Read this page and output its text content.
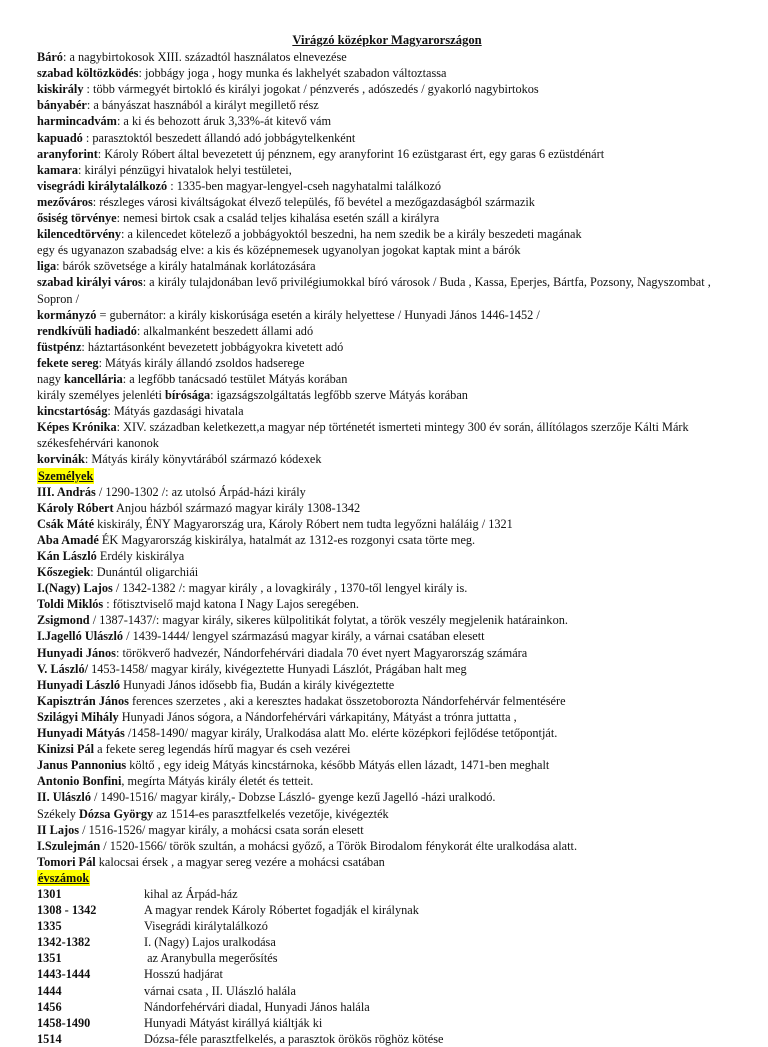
Virágzó középkor Magyarországon
Báró: a nagybirtokosok XIII. századtól használatos elnevezése
szabad költözködés: jobbágy joga , hogy munka és lakhelyét szabadon változtassa
kiskirály : több vármegyét birtokló és királyi jogokat / pénzverés , adószedés / gyakorló nagybirtokos
bányabér: a bányászat hasznából a királyt megillető rész
harmincadvám: a ki és behozott áruk 3,33%-át kitevő vám
kapuadó : parasztoktól beszedett állandó adó jobbágytelkenként
aranyforint: Károly Róbert által bevezetett új pénznem, egy aranyforint 16 ezüstgarast ért, egy garas 6 ezüstdénárt
kamara: királyi pénzügyi hivatalok helyi testületei,
visegrádi királytalálkozó : 1335-ben magyar-lengyel-cseh nagyhatalmi találkozó
mezőváros: részleges városi kiváltságokat élvező település, fő bevétel a mezőgazdaságból származik
ősiség törvénye: nemesi birtok csak a család teljes kihalása esetén száll a királyra
kilencedtörvény: a kilencedet kötelező a jobbágyoktól beszedni, ha nem szedik be a király beszedeti magának
egy és ugyanazon szabadság elve: a kis és középnemesek ugyanolyan jogokat kaptak mint a bárók
liga: bárók szövetsége a király hatalmának korlátozására
szabad királyi város: a király tulajdonában levő privilégiumokkal bíró városok / Buda , Kassa, Eperjes, Bártfa, Pozsony, Nagyszombat , Sopron /
kormányzó = gubernátor: a király kiskorúsága esetén a király helyettese / Hunyadi János 1446-1452 /
rendkívüli hadiadó: alkalmanként beszedett állami adó
füstpénz: háztartásonként bevezetett jobbágyokra kivetett adó
fekete sereg: Mátyás király állandó zsoldos hadserege
nagy kancellária: a legfőbb tanácsadó testület Mátyás korában
király személyes jelenléti bírósága: igazságszolgáltatás legfőbb szerve Mátyás korában
kincstartóság: Mátyás gazdasági hivatala
Képes Krónika: XIV. században keletkezett,a magyar nép történetét ismerteti mintegy 300 év során, állítólagos szerzője Kálti Márk székesfehérvári kanonok
korvinák: Mátyás király könyvtárából származó kódexek
Személyek
III. András / 1290-1302 /: az utolsó Árpád-házi király
Károly Róbert Anjou házból származó magyar király 1308-1342
Csák Máté kiskirály, ÉNY Magyarország ura, Károly Róbert nem tudta legyőzni haláláig / 1321
Aba Amadé ÉK Magyarország kiskirálya, hatalmát az 1312-es rozgonyi csata törte meg.
Kán László Erdély kiskirálya
Kőszegiek: Dunántúl oligarchiái
I.(Nagy) Lajos / 1342-1382 /: magyar király , a lovagkirály , 1370-től lengyel király is.
Toldi Miklós : főtisztviselő majd katona I Nagy Lajos seregében.
Zsigmond / 1387-1437/: magyar király, sikeres külpolitikát folytat, a török veszély megjelenik határainkon.
I.Jagelló Ulászló / 1439-1444/ lengyel származású magyar király, a várnai csatában elesett
Hunyadi János: törökverő hadvezér, Nándorfehérvári diadala 70 évet nyert Magyarország számára
V. László/ 1453-1458/ magyar király, kivégeztette Hunyadi Lászlót, Prágában halt meg
Hunyadi László Hunyadi János idősebb fia, Budán a király kivégeztette
Kapisztrán János ferences szerzetes , aki a keresztes hadakat összetoborozta Nándorfehérvár felmentésére
Szilágyi Mihály Hunyadi János sógora, a Nándorfehérvári várkapitány, Mátyást a trónra juttatta ,
Hunyadi Mátyás /1458-1490/ magyar király, Uralkodása alatt Mo. elérte középkori fejlődése tetőpontját.
Kinizsi Pál a fekete sereg legendás hírű magyar és cseh vezérei
Janus Pannonius költő , egy ideig Mátyás kincstárnoka, később Mátyás ellen lázadt, 1471-ben meghalt
Antonio Bonfini, megírta Mátyás király életét és tetteit.
II. Ulászló / 1490-1516/ magyar király,- Dobzse László- gyenge kezű Jagelló -házi uralkodó.
Székely Dózsa György az 1514-es parasztfelkelés vezetője, kivégezték
II Lajos / 1516-1526/ magyar király, a mohácsi csata során elesett
I.Szulejmán / 1520-1566/ török szultán, a mohácsi győző, a Török Birodalom fénykorát élte uralkodása alatt.
Tomori Pál kalocsai érsek , a magyar sereg vezére a mohácsi csatában
évszámok
1301	kihal az Árpád-ház
1308 - 1342	A magyar rendek Károly Róbertet fogadják el királynak
1335	Visegrádi királytalálkozó
1342-1382	I. (Nagy) Lajos uralkodása
1351	az Aranybulla megerősítés
1443-1444	Hosszú hadjárat
1444	várnai csata , II. Ulászló halála
1456	Nándorfehérvári diadal, Hunyadi János halála
1458-1490	Hunyadi Mátyást királlyá kiáltják ki
1514	Dózsa-féle parasztfelkelés, a parasztok örökös röghöz kötése
